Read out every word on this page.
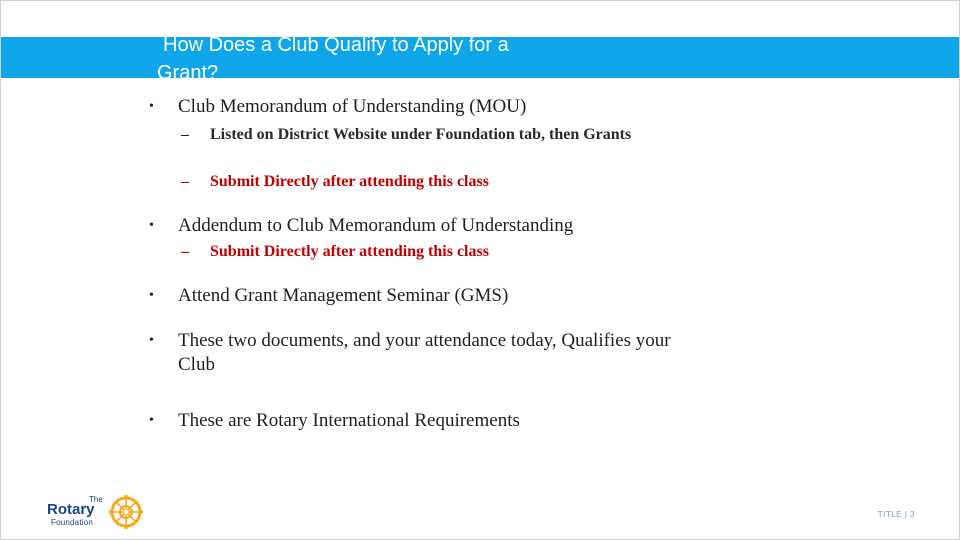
How Does a Club Qualify to Apply for a
Grant?
• Club Memorandum of Understanding (MOU)
– Listed on District Website under Foundation tab, then Grants
– Submit Directly after attending this class
• Addendum to Club Memorandum of Understanding
– Submit Directly after attending this class
• Attend Grant Management Seminar (GMS)
• These two documents, and your attendance today, Qualifies your Club
• These are Rotary International Requirements
The
Rotary
Foundation
TITLE | 3
